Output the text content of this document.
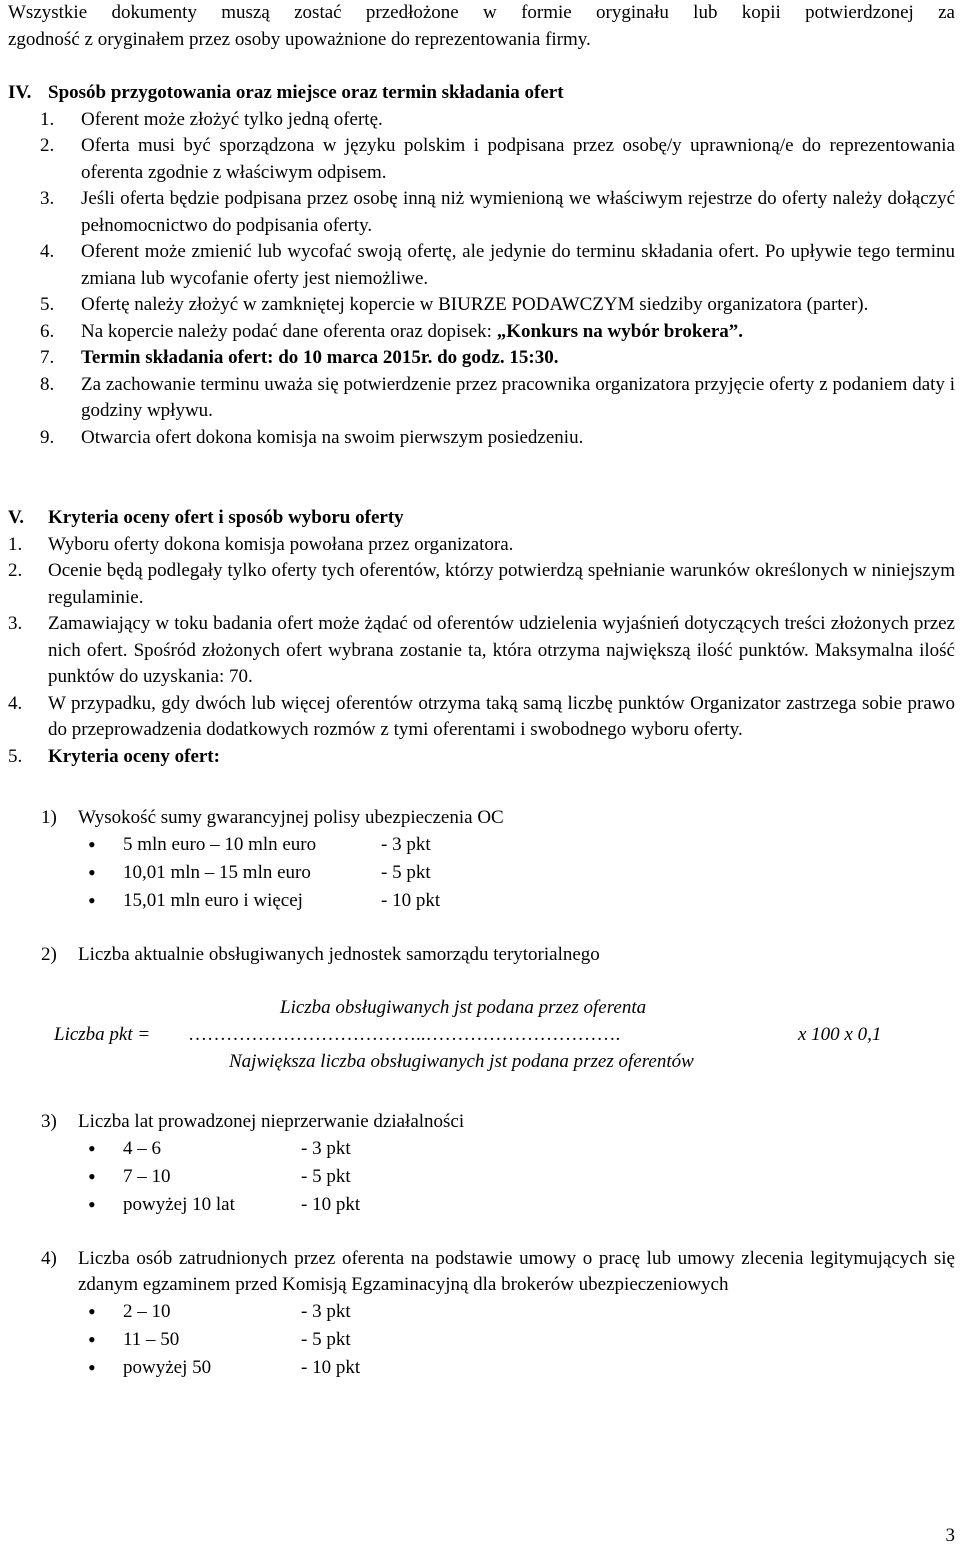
Wszystkie dokumenty muszą zostać przedłożone w formie oryginału lub kopii potwierdzonej za

zgodność z oryginałem przez osoby upoważnione do reprezentowania firmy.

IV. Sposób przygotowania oraz miejsce oraz termin składania ofert
1. Oferent może złożyć tylko jedną ofertę.

2. Oferta musi być sporządzona w języku polskim i podpisana przez osobę/y uprawnioną/e do reprezentowania oferenta zgodnie z właściwym odpisem.

3. Jeśli oferta będzie podpisana przez osobę inną niż wymienioną we właściwym rejestrze do oferty należy dołączyć pełnomocnictwo do podpisania oferty.

4. Oferent może zmienić lub wycofać swoją ofertę, ale jedynie do terminu składania ofert. Po upływie tego terminu zmiana lub wycofanie oferty jest niemożliwe.

5. Ofertę należy złożyć w zamkniętej kopercie w BIURZE PODAWCZYM siedziby organizatora (parter).

6. Na kopercie należy podać dane oferenta oraz dopisek: „Konkurs na wybór brokera”.

7. Termin składania ofert: do 10 marca 2015r. do godz. 15:30.

8. Za zachowanie terminu uważa się potwierdzenie przez pracownika organizatora przyjęcie oferty z podaniem daty i godziny wpływu.

9. Otwarcia ofert dokona komisja na swoim pierwszym posiedzeniu.

V.	Kryteria oceny ofert i sposób wyboru oferty
1. Wyboru oferty dokona komisja powołana przez organizatora.

2. Ocenie będą podlegały tylko oferty tych oferentów, którzy potwierdzą spełnianie warunków określonych w niniejszym regulaminie.

3. Zamawiający w toku badania ofert może żądać od oferentów udzielenia wyjaśnień dotyczących treści złożonych przez nich ofert. Spośród złożonych ofert wybrana zostanie ta, która otrzyma największą ilość punktów. Maksymalna ilość punktów do uzyskania: 70.

4. W przypadku, gdy dwóch lub więcej oferentów otrzyma taką samą liczbę punktów Organizator zastrzega sobie prawo do przeprowadzenia dodatkowych rozmów z tymi oferentami i swobodnego wyboru oferty.

5. Kryteria oceny ofert:

1) Wysokość sumy gwarancyjnej polisy ubezpieczenia OC

• 5 mln euro – 10 mln euro	- 3 pkt
• 10,01 mln – 15 mln euro	- 5 pkt
• 15,01 mln euro i więcej	- 10 pkt
2) Liczba aktualnie obsługiwanych jednostek samorządu terytorialnego

Liczba obsługiwanych jst podana przez oferenta
Liczba pkt = ………………………………..………………………….	x 100 x 0,1
Największa liczba obsługiwanych jst podana przez oferentów
3) Liczba lat prowadzonej nieprzerwanie działalności

• 4 – 6	- 3 pkt
• 7 – 10	- 5 pkt
• powyżej 10 lat	- 10 pkt
4) Liczba osób zatrudnionych przez oferenta na podstawie umowy o pracę lub umowy zlecenia legitymujących się zdanym egzaminem przed Komisją Egzaminacyjną dla brokerów ubezpieczeniowych

• 2 – 10	- 3 pkt
• 11 – 50	- 5 pkt
• powyżej 50	- 10 pkt
3
